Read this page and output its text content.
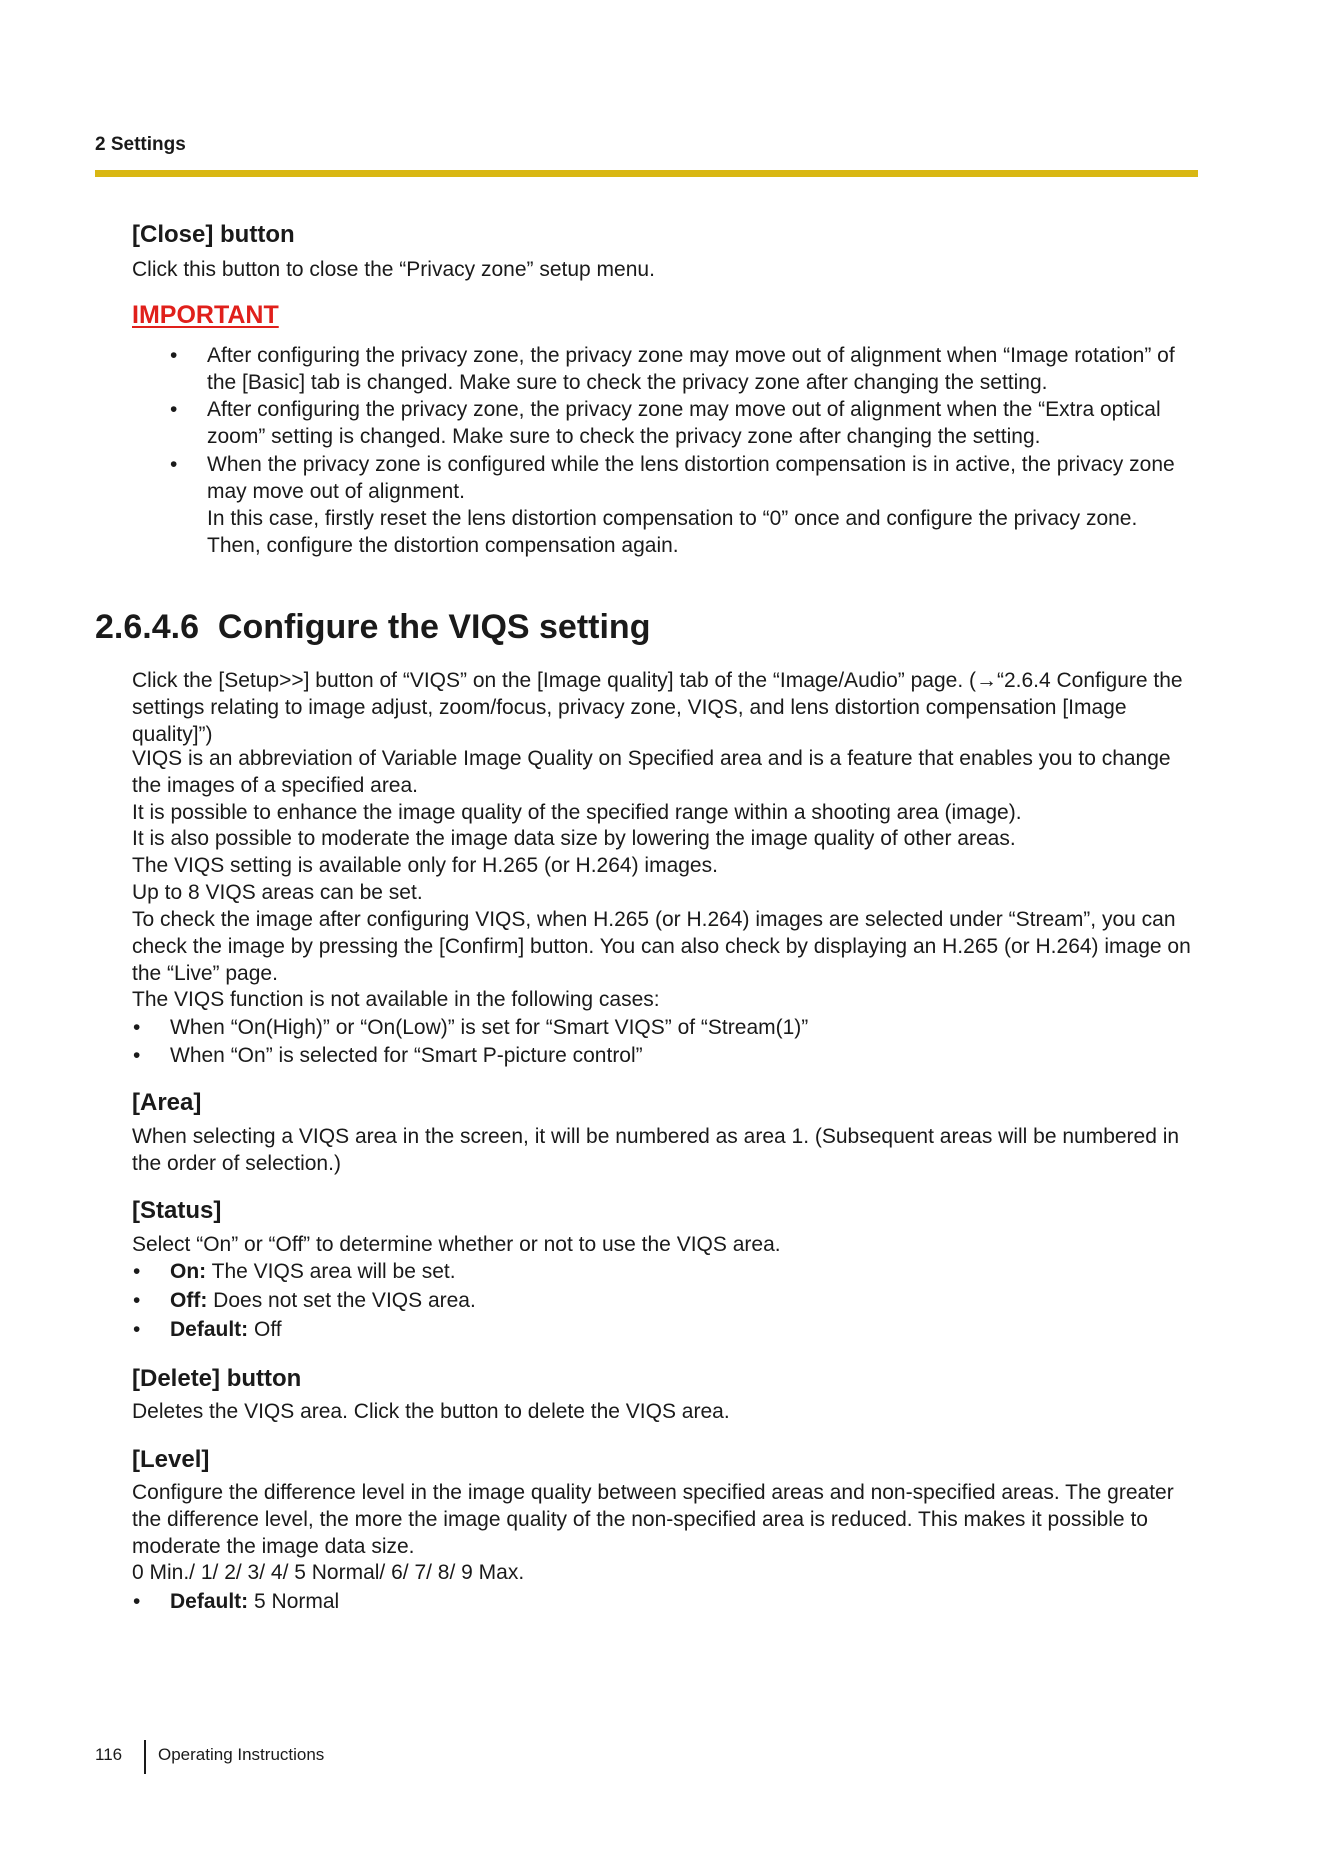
2 Settings
[Close] button
Click this button to close the “Privacy zone” setup menu.
IMPORTANT
• After configuring the privacy zone, the privacy zone may move out of alignment when “Image rotation” of the [Basic] tab is changed. Make sure to check the privacy zone after changing the setting.
• After configuring the privacy zone, the privacy zone may move out of alignment when the “Extra optical zoom” setting is changed. Make sure to check the privacy zone after changing the setting.
• When the privacy zone is configured while the lens distortion compensation is in active, the privacy zone may move out of alignment.
In this case, firstly reset the lens distortion compensation to “0” once and configure the privacy zone.
Then, configure the distortion compensation again.
2.6.4.6 Configure the VIQS setting
Click the [Setup>>] button of “VIQS” on the [Image quality] tab of the “Image/Audio” page. (→“2.6.4 Configure the settings relating to image adjust, zoom/focus, privacy zone, VIQS, and lens distortion compensation [Image quality]”)
VIQS is an abbreviation of Variable Image Quality on Specified area and is a feature that enables you to change the images of a specified area.
It is possible to enhance the image quality of the specified range within a shooting area (image).
It is also possible to moderate the image data size by lowering the image quality of other areas.
The VIQS setting is available only for H.265 (or H.264) images.
Up to 8 VIQS areas can be set.
To check the image after configuring VIQS, when H.265 (or H.264) images are selected under “Stream”, you can check the image by pressing the [Confirm] button. You can also check by displaying an H.265 (or H.264) image on the “Live” page.
The VIQS function is not available in the following cases:
• When “On(High)” or “On(Low)” is set for “Smart VIQS” of “Stream(1)”
• When “On” is selected for “Smart P-picture control”
[Area]
When selecting a VIQS area in the screen, it will be numbered as area 1. (Subsequent areas will be numbered in the order of selection.)
[Status]
Select “On” or “Off” to determine whether or not to use the VIQS area.
• On: The VIQS area will be set.
• Off: Does not set the VIQS area.
• Default: Off
[Delete] button
Deletes the VIQS area. Click the button to delete the VIQS area.
[Level]
Configure the difference level in the image quality between specified areas and non-specified areas. The greater the difference level, the more the image quality of the non-specified area is reduced. This makes it possible to moderate the image data size.
0 Min./ 1/ 2/ 3/ 4/ 5 Normal/ 6/ 7/ 8/ 9 Max.
• Default: 5 Normal
116 Operating Instructions
